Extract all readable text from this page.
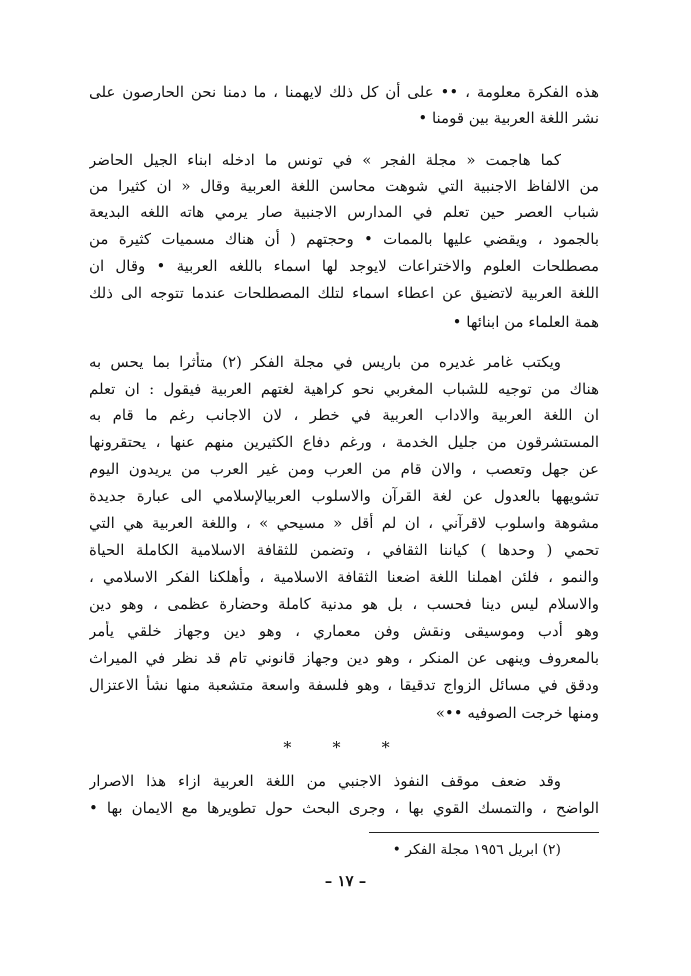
هذه الفكرة معلومة ، •• على أن كل ذلك لايهمنا ، ما دمنا نحن الحارصون على
نشر اللغة العربية بين قومنا •
كما هاجمت « مجلة الفجر » في تونس ما ادخله ابناء الجيل الحاضر
من الالفاظ الاجنبية التي شوهت محاسن اللغة العربية وقال « ان كثيرا من
شباب العصر حين تعلم في المدارس الاجنبية صار يرمي هاته اللغه البديعة
بالجمود ، ويقضي عليها بالممات • وحجتهم ( أن هناك مسميات كثيرة من
مصطلحات العلوم والاختراعات لايوجد لها اسماء باللغه العربية • وقال ان
اللغة العربية لاتضيق عن اعطاء اسماء لتلك المصطلحات عندما تتوجه الى ذلك
همة العلماء من ابنائها •
ويكتب غامر غديره من باريس في مجلة الفكر (٢) متأثرا بما يحس به
هناك من توجيه للشباب المغربي نحو كراهية لغتهم العربية فيقول : ان تعلم
ان اللغة العربية والاداب العربية في خطر ، لان الاجانب رغم ما قام به
المستشرقون من جليل الخدمة ، ورغم دفاع الكثيرين منهم عنها ، يحتقرونها
عن جهل وتعصب ، والان قام من العرب ومن غير العرب من يريدون اليوم
تشويهها بالعدول عن لغة القرآن والاسلوب العربيالإسلامي الى عبارة جديدة
مشوهة واسلوب لاقرآني ، ان لم أقل « مسيحي » ، واللغة العربية هي التي
تحمي ( وحدها ) كياننا الثقافي ، وتضمن للثقافة الاسلامية الكاملة الحياة
والنمو ، فلئن اهملنا اللغة اضعنا الثقافة الاسلامية ، وأهلكنا الفكر الاسلامي ،
والاسلام ليس دينا فحسب ، بل هو مدنية كاملة وحضارة عظمى ، وهو دين
وهو أدب وموسيقى ونقش وفن معماري ، وهو دين وجهاز خلقي يأمر
بالمعروف وينهى عن المنكر ، وهو دين وجهاز قانوني تام قد نظر في الميراث
ودقق في مسائل الزواج تدقيقا ، وهو فلسفة واسعة متشعبة منها نشأ الاعتزال
ومنها خرجت الصوفيه ••»
* * *
وقد ضعف موقف النفوذ الاجنبي من اللغة العربية ازاء هذا الاصرار
الواضح ، والتمسك القوي بها ، وجرى البحث حول تطويرها مع الايمان بها •
(٢) ابريل ١٩٥٦ مجلة الفكر •
– ١٧ –
